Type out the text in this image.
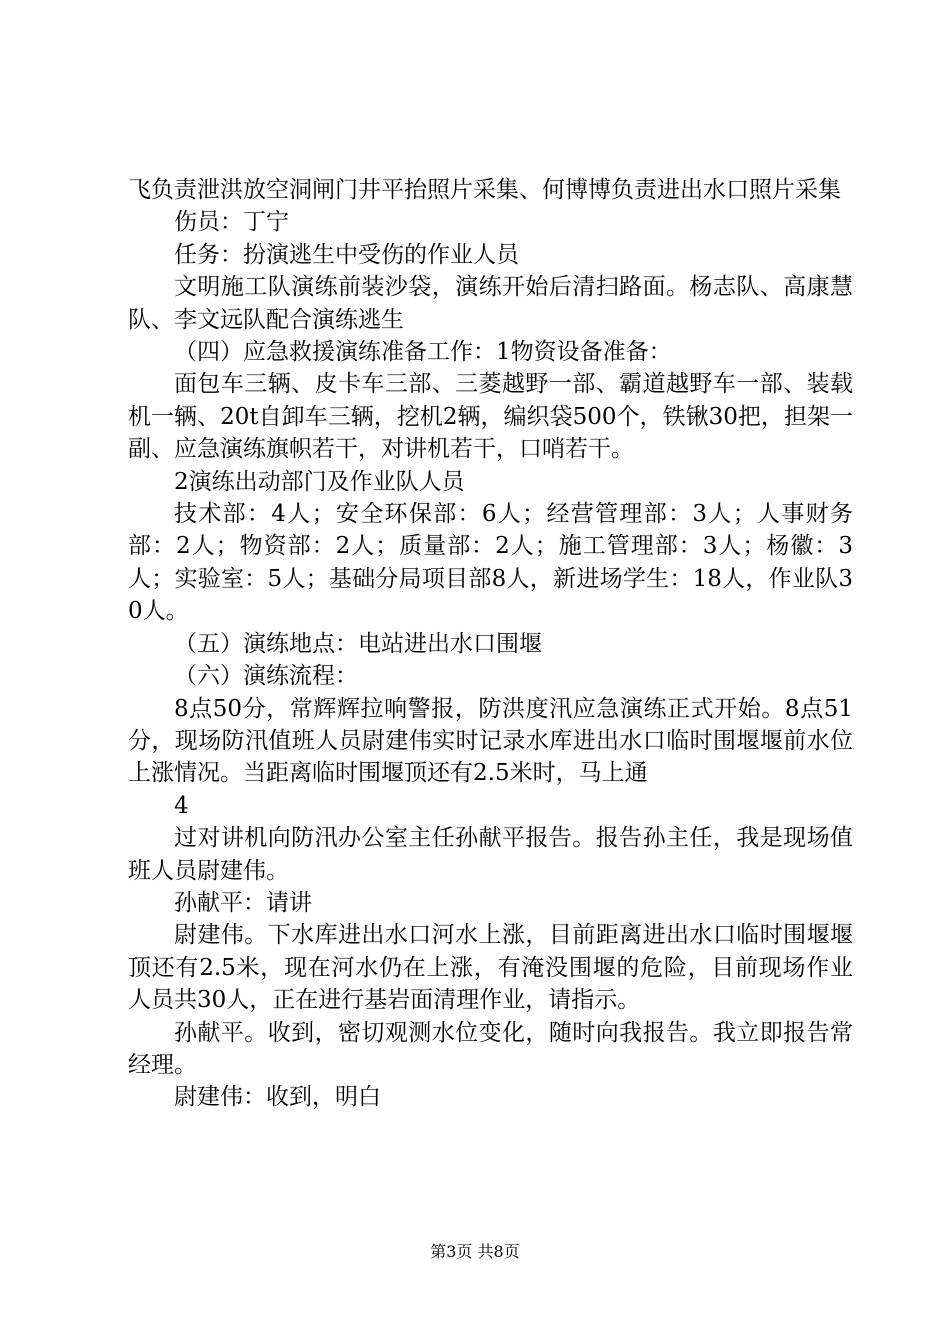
飞负责泄洪放空洞闸门井平抬照片采集、何博博负责进出水口照片采集

伤员：丁宁

任务：扮演逃生中受伤的作业人员

文明施工队演练前装沙袋，演练开始后清扫路面。杨志队、高康慧队、李文远队配合演练逃生

（四）应急救援演练准备工作：1物资设备准备：

面包车三辆、皮卡车三部、三菱越野一部、霸道越野车一部、装载机一辆、20t自卸车三辆，挖机2辆，编织袋500个，铁锹30把，担架一副、应急演练旗帜若干，对讲机若干，口哨若干。

2演练出动部门及作业队人员

技术部：4人；安全环保部：6人；经营管理部：3人；人事财务部：2人；物资部：2人；质量部：2人；施工管理部：3人；杨徽：3人；实验室：5人；基础分局项目部8人，新进场学生：18人，作业队30人。

（五）演练地点：电站进出水口围堰

（六）演练流程：

8点50分，常辉辉拉响警报，防洪度汛应急演练正式开始。8点51分，现场防汛值班人员尉建伟实时记录水库进出水口临时围堰堰前水位上涨情况。当距离临时围堰顶还有2.5米时，马上通

4

过对讲机向防汛办公室主任孙献平报告。报告孙主任，我是现场值班人员尉建伟。

孙献平：请讲

尉建伟。下水库进出水口河水上涨，目前距离进出水口临时围堰堰顶还有2.5米，现在河水仍在上涨，有淹没围堰的危险，目前现场作业人员共30人，正在进行基岩面清理作业，请指示。

孙献平。收到，密切观测水位变化，随时向我报告。我立即报告常经理。

尉建伟：收到，明白

第3页 共8页
